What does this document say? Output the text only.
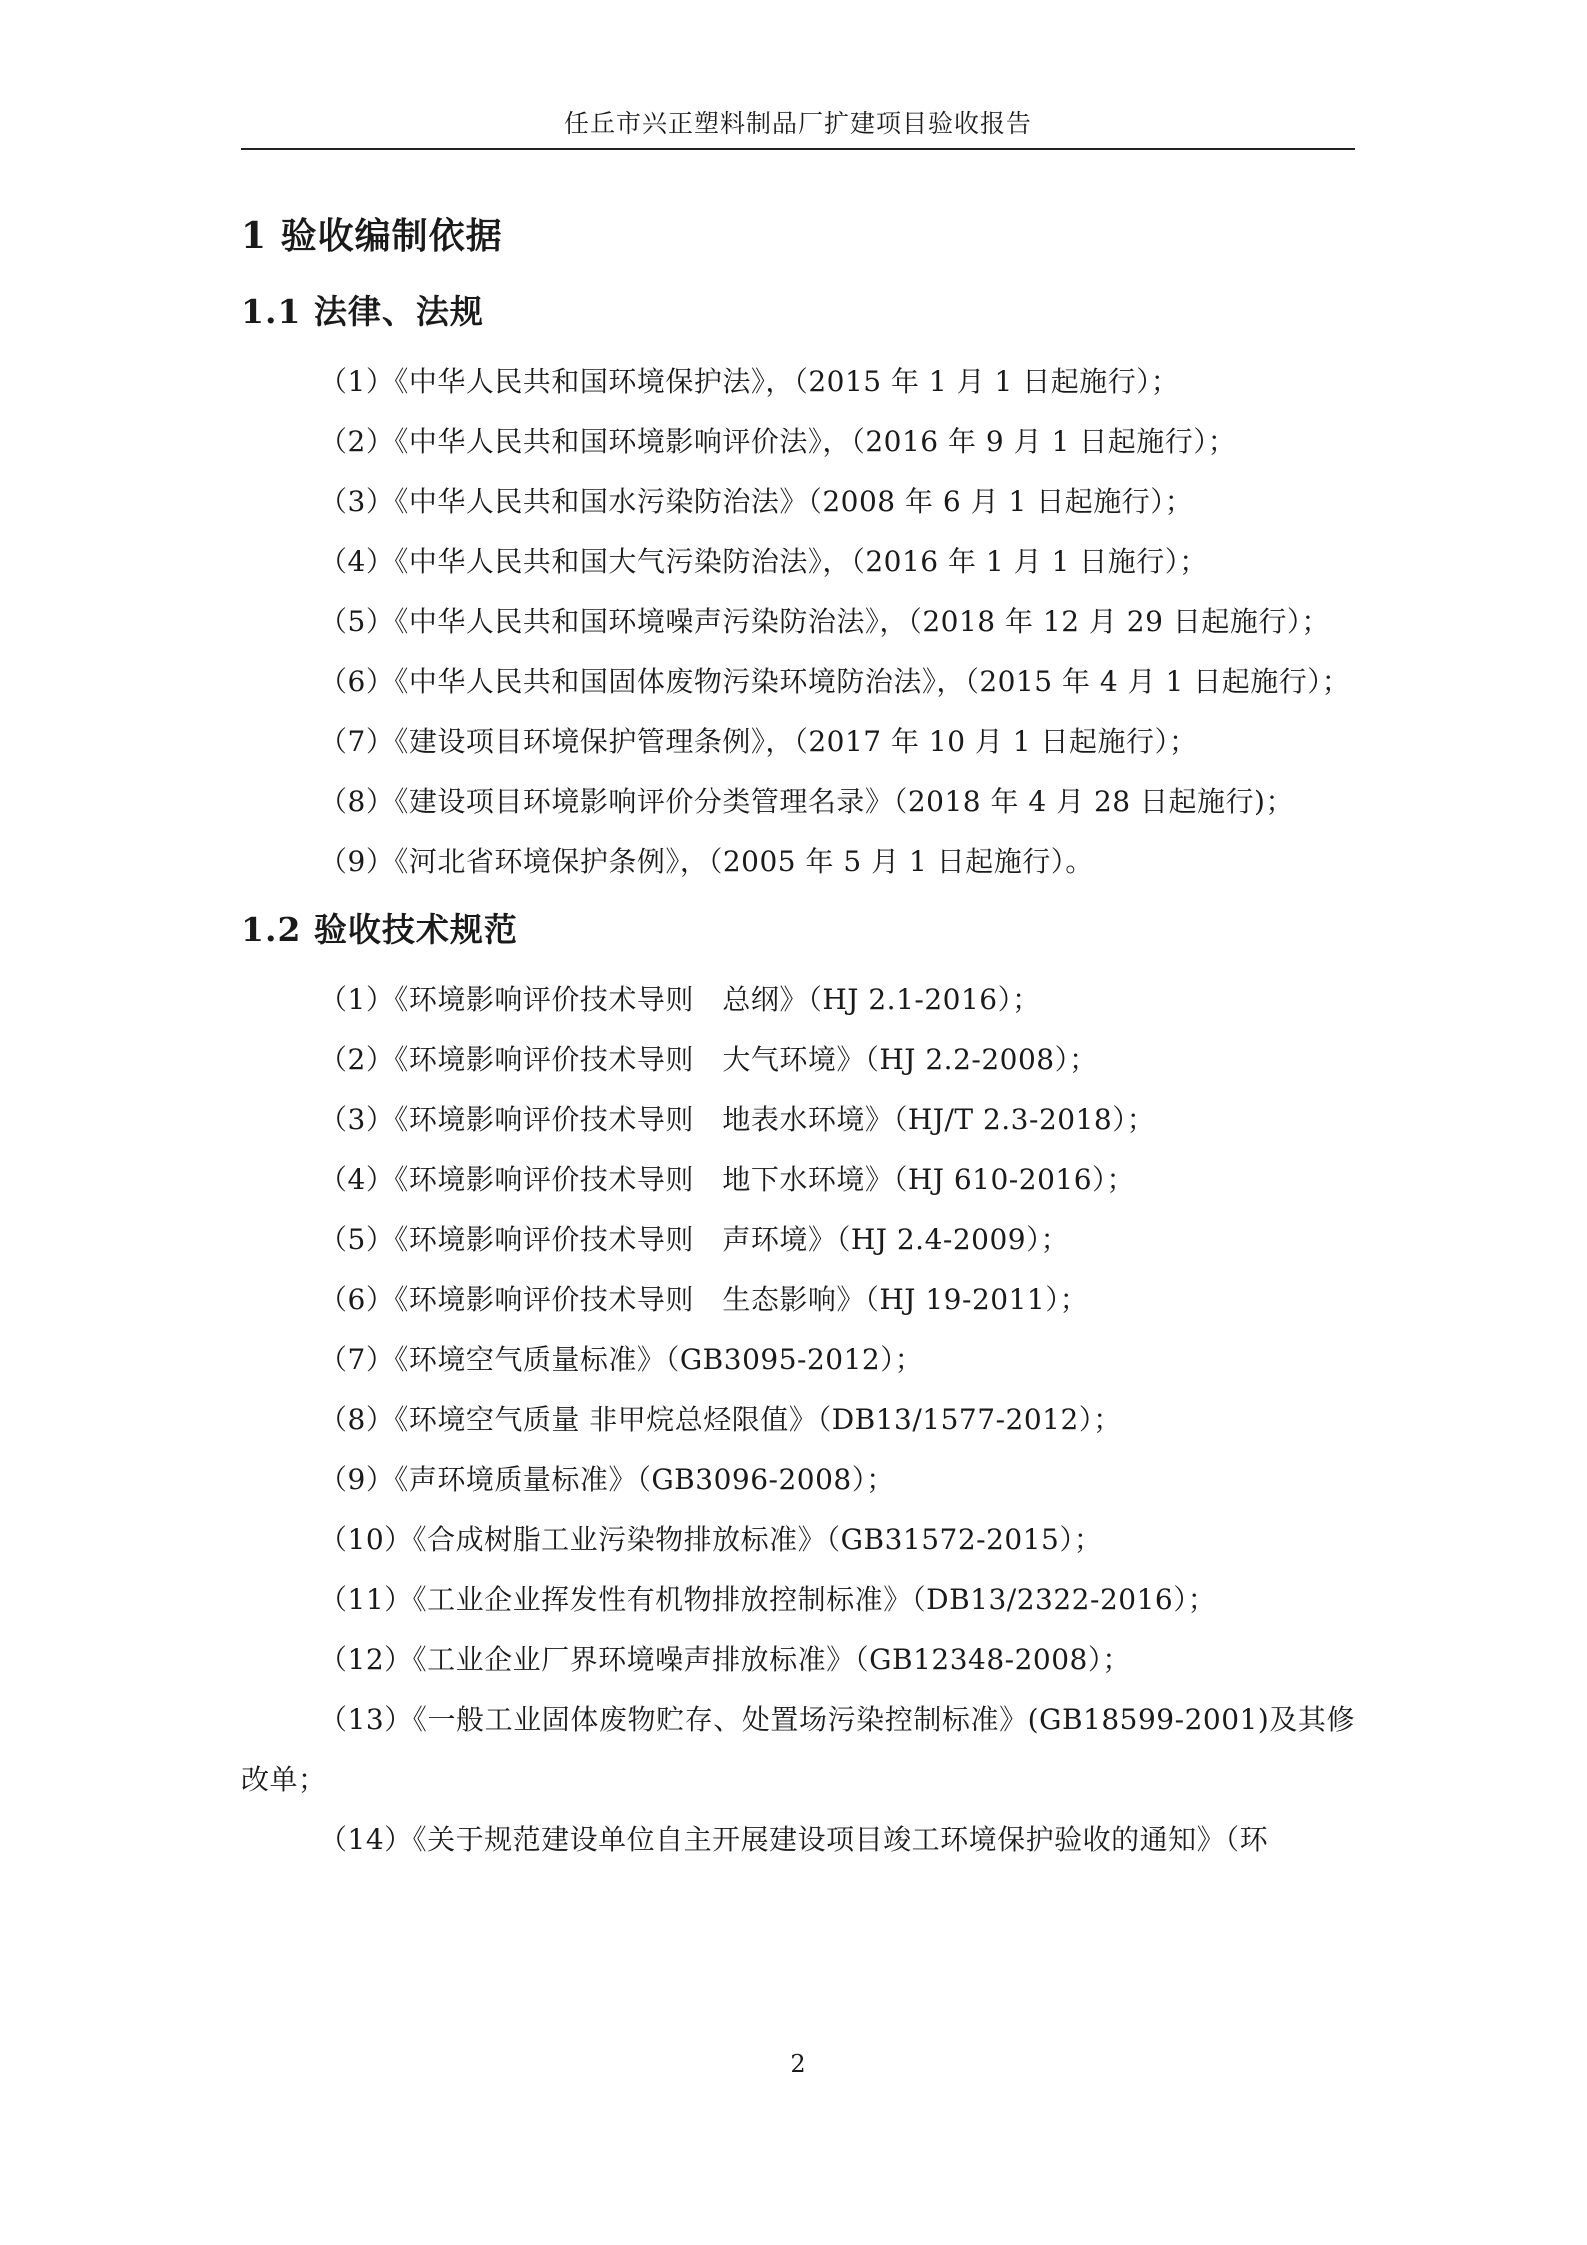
任丘市兴正塑料制品厂扩建项目验收报告
1 验收编制依据
1.1 法律、法规
（1）《中华人民共和国环境保护法》，（2015 年 1 月 1 日起施行）；
（2）《中华人民共和国环境影响评价法》，（2016 年 9 月 1 日起施行）；
（3）《中华人民共和国水污染防治法》（2008 年 6 月 1 日起施行）；
（4）《中华人民共和国大气污染防治法》，（2016 年 1 月 1 日施行）；
（5）《中华人民共和国环境噪声污染防治法》，（2018 年 12 月 29 日起施行）；
（6）《中华人民共和国固体废物污染环境防治法》，（2015 年 4 月 1 日起施行）；
（7）《建设项目环境保护管理条例》，（2017 年 10 月 1 日起施行）；
（8）《建设项目环境影响评价分类管理名录》（2018 年 4 月 28 日起施行)；
（9）《河北省环境保护条例》，（2005 年 5 月 1 日起施行）。
1.2 验收技术规范
（1）《环境影响评价技术导则　总纲》（HJ 2.1-2016）；
（2）《环境影响评价技术导则　大气环境》（HJ 2.2-2008）；
（3）《环境影响评价技术导则　地表水环境》（HJ/T 2.3-2018）；
（4）《环境影响评价技术导则　地下水环境》（HJ 610-2016）；
（5）《环境影响评价技术导则　声环境》（HJ 2.4-2009）；
（6）《环境影响评价技术导则　生态影响》（HJ 19-2011）；
（7）《环境空气质量标准》（GB3095-2012）；
（8）《环境空气质量 非甲烷总烃限值》（DB13/1577-2012）；
（9）《声环境质量标准》（GB3096-2008）；
（10）《合成树脂工业污染物排放标准》（GB31572-2015）；
（11）《工业企业挥发性有机物排放控制标准》（DB13/2322-2016）；
（12）《工业企业厂界环境噪声排放标准》（GB12348-2008）；
（13）《一般工业固体废物贮存、处置场污染控制标准》(GB18599-2001)及其修改单；
（14）《关于规范建设单位自主开展建设项目竣工环境保护验收的通知》（环
2
